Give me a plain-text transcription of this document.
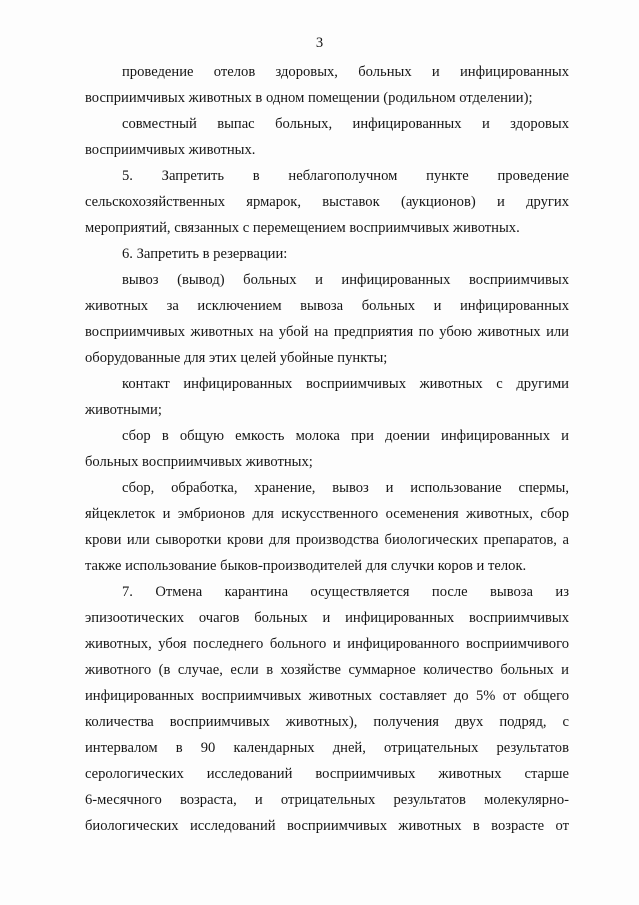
3
проведение отелов здоровых, больных и инфицированных
восприимчивых животных в одном помещении (родильном отделении);
совместный выпас больных, инфицированных и здоровых
восприимчивых животных.
5. Запретить в неблагополучном пункте проведение
сельскохозяйственных ярмарок, выставок (аукционов) и других
мероприятий, связанных с перемещением восприимчивых животных.
6. Запретить в резервации:
вывоз (вывод) больных и инфицированных восприимчивых
животных за исключением вывоза больных и инфицированных
восприимчивых животных на убой на предприятия по убою животных или
оборудованные для этих целей убойные пункты;
контакт инфицированных восприимчивых животных с другими
животными;
сбор в общую емкость молока при доении инфицированных и
больных восприимчивых животных;
сбор, обработка, хранение, вывоз и использование спермы,
яйцеклеток и эмбрионов для искусственного осеменения животных, сбор
крови или сыворотки крови для производства биологических препаратов, а
также использование быков-производителей для случки коров и телок.
7. Отмена карантина осуществляется после вывоза из
эпизоотических очагов больных и инфицированных восприимчивых
животных, убоя последнего больного и инфицированного восприимчивого
животного (в случае, если в хозяйстве суммарное количество больных и
инфицированных восприимчивых животных составляет до 5% от общего
количества восприимчивых животных), получения двух подряд, с
интервалом в 90 календарных дней, отрицательных результатов
серологических исследований восприимчивых животных старше
6-месячного возраста, и отрицательных результатов молекулярно-
биологических исследований восприимчивых животных в возрасте от
